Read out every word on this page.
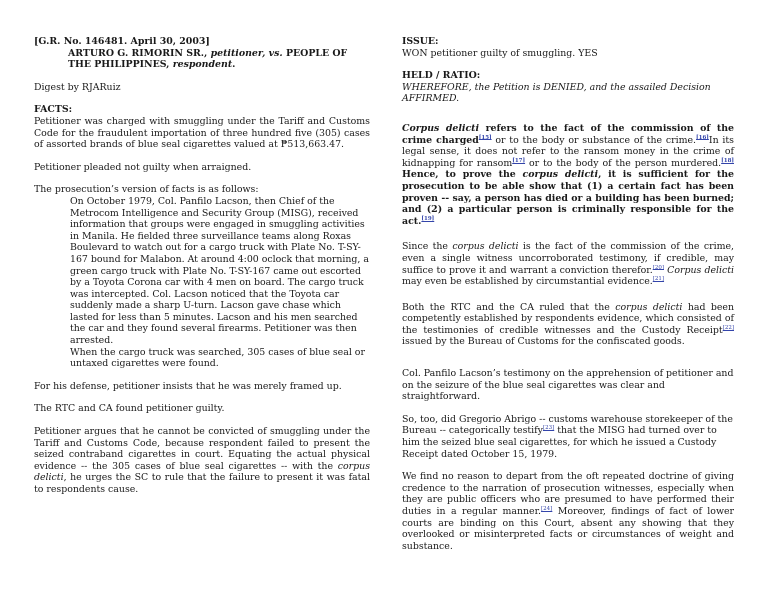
[G.R. No. 146481. April 30, 2003]
ARTURO G. RIMORIN SR., petitioner, vs. PEOPLE OF THE PHILIPPINES, respondent.

Digest by RJARuiz

FACTS:

Petitioner was charged with smuggling under the Tariff and Customs Code for the fraudulent importation of three hundred five (305) cases of assorted brands of blue seal cigarettes valued at ₱513,663.47.

Petitioner pleaded not guilty when arraigned.

The prosecution’s version of facts is as follows:

On October 1979, Col. Panfilo Lacson, then Chief of the Metrocom Intelligence and Security Group (MISG), received information that groups were engaged in smuggling activities in Manila. He fielded three surveillance teams along Roxas Boulevard to watch out for a cargo truck with Plate No. T-SY-167 bound for Malabon. At around 4:00 oclock that morning, a green cargo truck with Plate No. T-SY-167 came out escorted by a Toyota Corona car with 4 men on board. The cargo truck was intercepted. Col. Lacson noticed that the Toyota car suddenly made a sharp U-turn. Lacson gave chase which lasted for less than 5 minutes. Lacson and his men searched the car and they found several firearms. Petitioner was then arrested.

When the cargo truck was searched, 305 cases of blue seal or untaxed cigarettes were found.

For his defense, petitioner insists that he was merely framed up.

The RTC and CA found petitioner guilty.

Petitioner argues that he cannot be convicted of smuggling under the Tariff and Customs Code, because respondent failed to present the seized contraband cigarettes in court. Equating the actual physical evidence -- the 305 cases of blue seal cigarettes -- with the corpus delicti, he urges the SC to rule that the failure to present it was fatal to respondents cause.

ISSUE:

WON petitioner guilty of smuggling. YES

HELD / RATIO:

WHEREFORE, the Petition is DENIED, and the assailed Decision AFFIRMED.

Corpus delicti refers to the fact of the commission of the crime charged[15] or to the body or substance of the crime.[16]In its legal sense, it does not refer to the ransom money in the crime of kidnapping for ransom[17] or to the body of the person murdered.[18] Hence, to prove the corpus delicti, it is sufficient for the prosecution to be able show that (1) a certain fact has been proven -- say, a person has died or a building has been burned; and (2) a particular person is criminally responsible for the act.[19]

Since the corpus delicti is the fact of the commission of the crime, even a single witness uncorroborated testimony, if credible, may suffice to prove it and warrant a conviction therefor.[20] Corpus delicti may even be established by circumstantial evidence.[21]

Both the RTC and the CA ruled that the corpus delicti had been competently established by respondents evidence, which consisted of the testimonies of credible witnesses and the Custody Receipt[22] issued by the Bureau of Customs for the confiscated goods.

Col. Panfilo Lacson’s testimony on the apprehension of petitioner and on the seizure of the blue seal cigarettes was clear and straightforward.

So, too, did Gregorio Abrigo -- customs warehouse storekeeper of the Bureau -- categorically testify[23] that the MISG had turned over to him the seized blue seal cigarettes, for which he issued a Custody Receipt dated October 15, 1979.

We find no reason to depart from the oft repeated doctrine of giving credence to the narration of prosecution witnesses, especially when they are public officers who are presumed to have performed their duties in a regular manner.[24] Moreover, findings of fact of lower courts are binding on this Court, absent any showing that they overlooked or misinterpreted facts or circumstances of weight and substance.
